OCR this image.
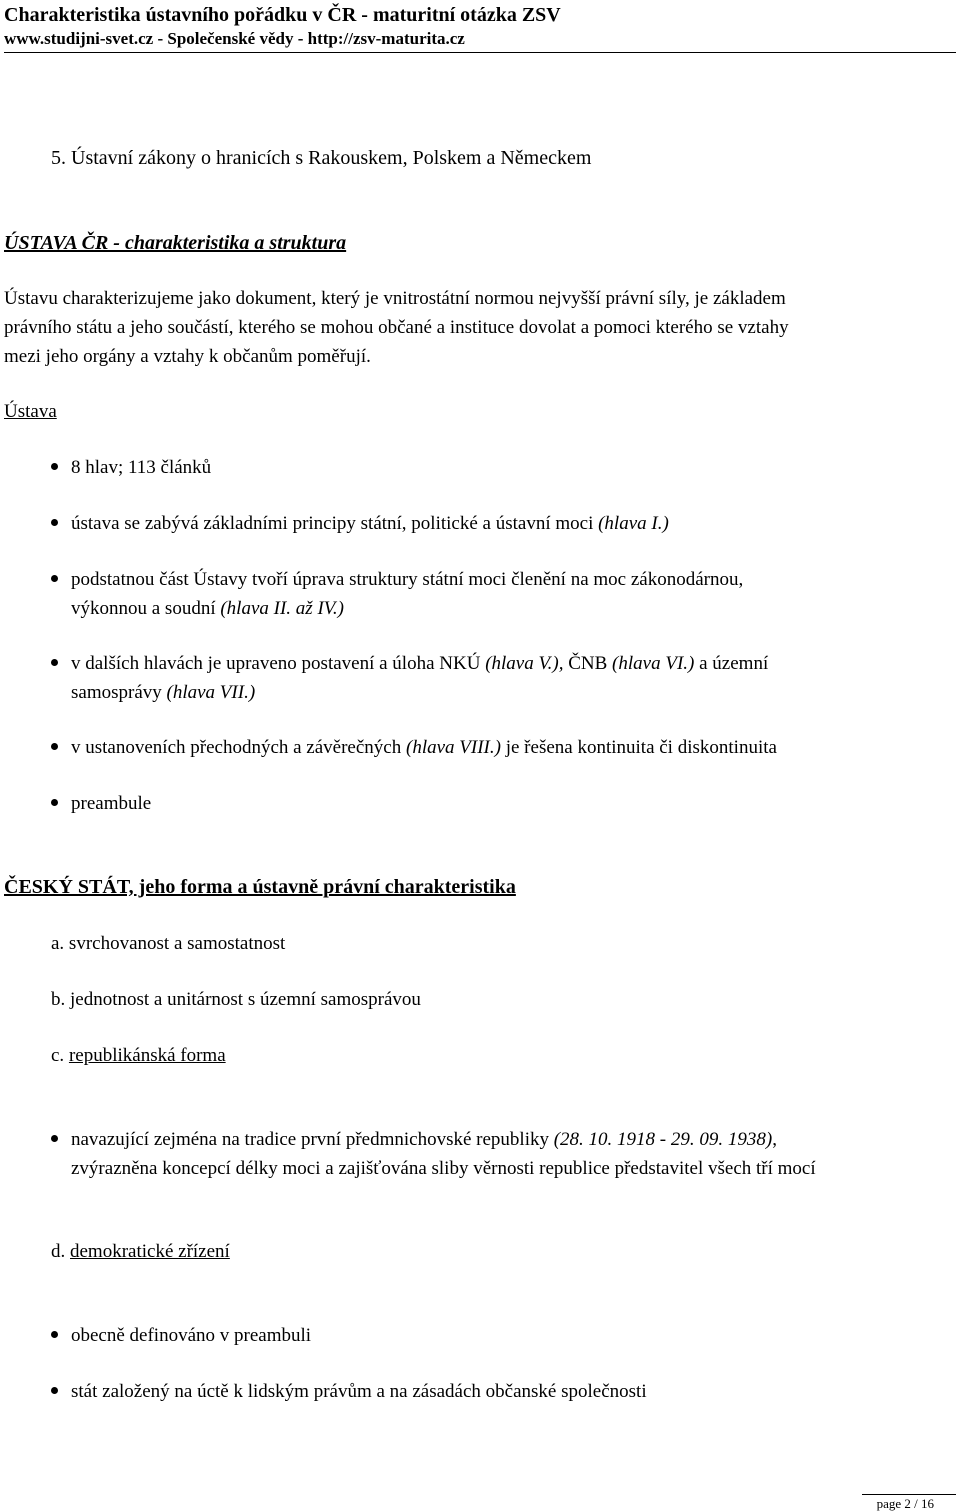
Charakteristika ústavního pořádku v ČR - maturitní otázka ZSV
www.studijni-svet.cz - Společenské vědy - http://zsv-maturita.cz
5. Ústavní zákony o hranicích s Rakouskem, Polskem a Německem
ÚSTAVA ČR - charakteristika a struktura
Ústavu charakterizujeme jako dokument, který je vnitrostátní normou nejvyšší právní síly, je základem
právního státu a jeho součástí, kterého se mohou občané a instituce dovolat a pomoci kterého se vztahy
mezi jeho orgány a vztahy k občanům poměřují.
Ústava
8 hlav; 113 článků
ústava se zabývá základními principy státní, politické a ústavní moci (hlava I.)
podstatnou část Ústavy tvoří úprava struktury státní moci členění na moc zákonodárnou,
výkonnou a soudní (hlava II. až IV.)
v dalších hlavách je upraveno postavení a úloha NKÚ (hlava V.), ČNB (hlava VI.) a územní
samosprávy (hlava VII.)
v ustanoveních přechodných a závěrečných (hlava VIII.) je řešena kontinuita či diskontinuita
preambule
ČESKÝ STÁT, jeho forma a ústavně právní charakteristika
a. svrchovanost a samostatnost
b. jednotnost a unitárnost s územní samosprávou
c. republikánská forma
navazující zejména na tradice první předmnichovské republiky (28. 10. 1918 - 29. 09. 1938),
zvýrazněna koncepcí délky moci a zajišťována sliby věrnosti republice představitel všech tří mocí
d. demokratické zřízení
obecně definováno v preambuli
stát založený na úctě k lidským právům a na zásadách občanské společnosti
page 2 / 16
